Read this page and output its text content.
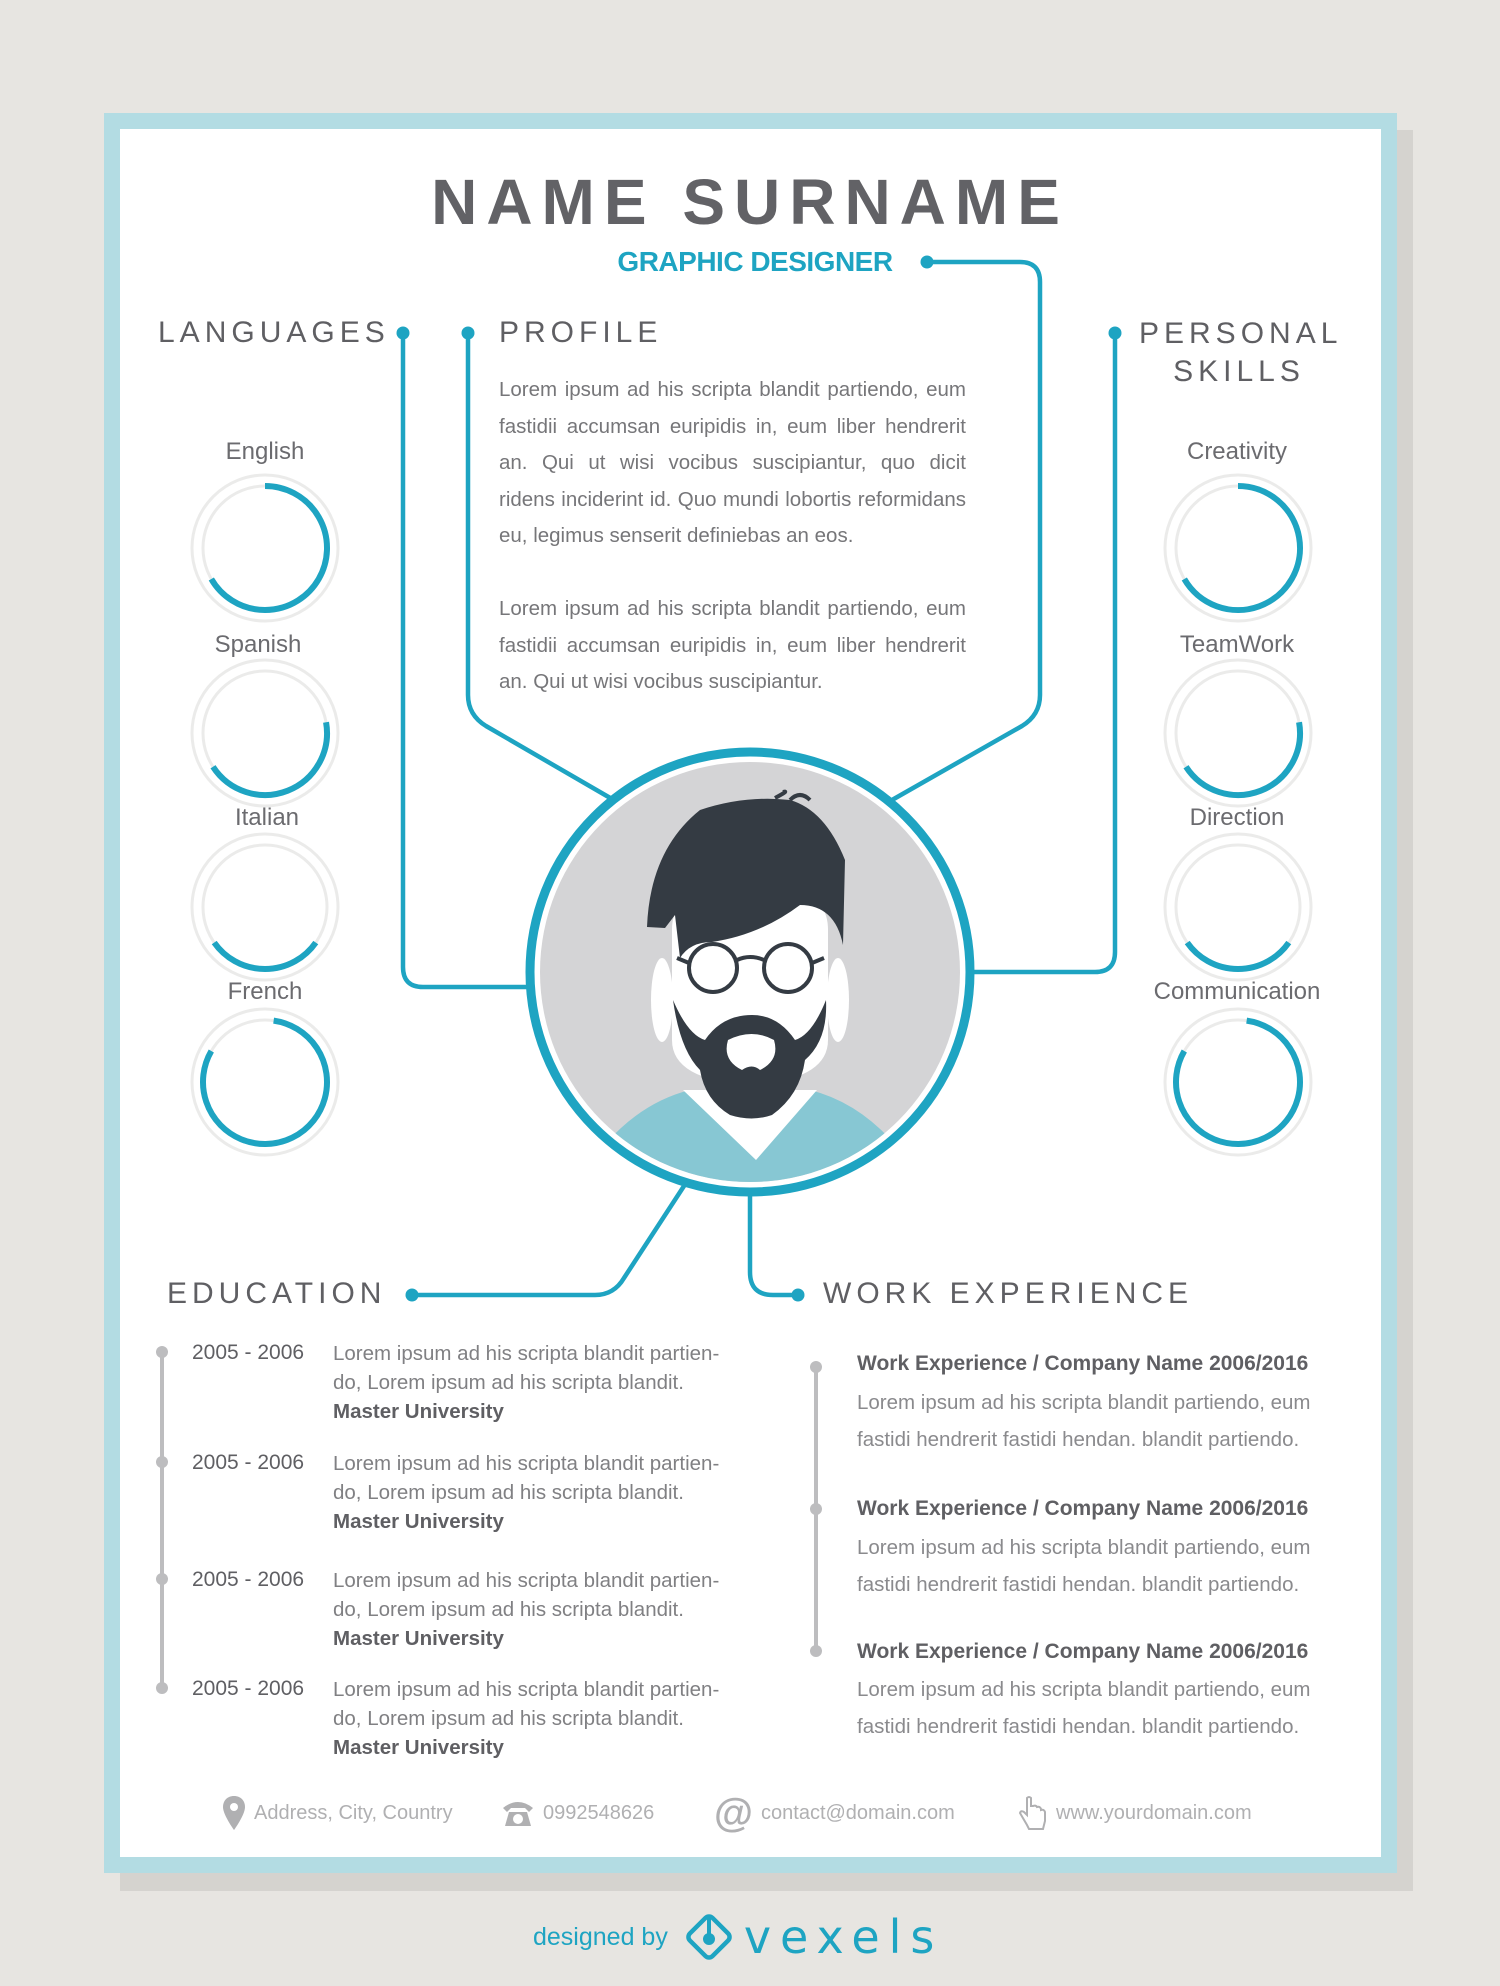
NAME SURNAME
GRAPHIC DESIGNER
LANGUAGES	PROFILE	PERSONAL
SKILLS
EDUCATION	WORK EXPERIENCE
English
Spanish
Italian
French
Creativity
TeamWork
Direction
Communication
Lorem ipsum ad his scripta blandit partiendo, eum fastidii accumsan euripidis in, eum liber hendrerit an. Qui ut wisi vocibus suscipiantur, quo dicit ridens inciderint id. Quo mundi lobortis reformidans eu, legimus senserit definiebas an eos.
Lorem ipsum ad his scripta blandit partiendo, eum fastidii accumsan euripidis in, eum liber hendrerit an. Qui ut wisi vocibus suscipiantur.
2005 - 2006 Lorem ipsum ad his scripta blandit partien-
do, Lorem ipsum ad his scripta blandit.
Master University
2005 - 2006 Lorem ipsum ad his scripta blandit partien-
do, Lorem ipsum ad his scripta blandit.
Master University
2005 - 2006 Lorem ipsum ad his scripta blandit partien-
do, Lorem ipsum ad his scripta blandit.
Master University
2005 - 2006 Lorem ipsum ad his scripta blandit partien-
do, Lorem ipsum ad his scripta blandit.
Master University
Work Experience / Company Name 2006/2016
Lorem ipsum ad his scripta blandit partiendo, eum
fastidi hendrerit fastidi hendan. blandit partiendo.
Work Experience / Company Name 2006/2016
Lorem ipsum ad his scripta blandit partiendo, eum
fastidi hendrerit fastidi hendan. blandit partiendo.
Work Experience / Company Name 2006/2016
Lorem ipsum ad his scripta blandit partiendo, eum
fastidi hendrerit fastidi hendan. blandit partiendo.
Address, City, Country	0992548626 @ contact@domain.com	www.yourdomain.com
designed by vexels
